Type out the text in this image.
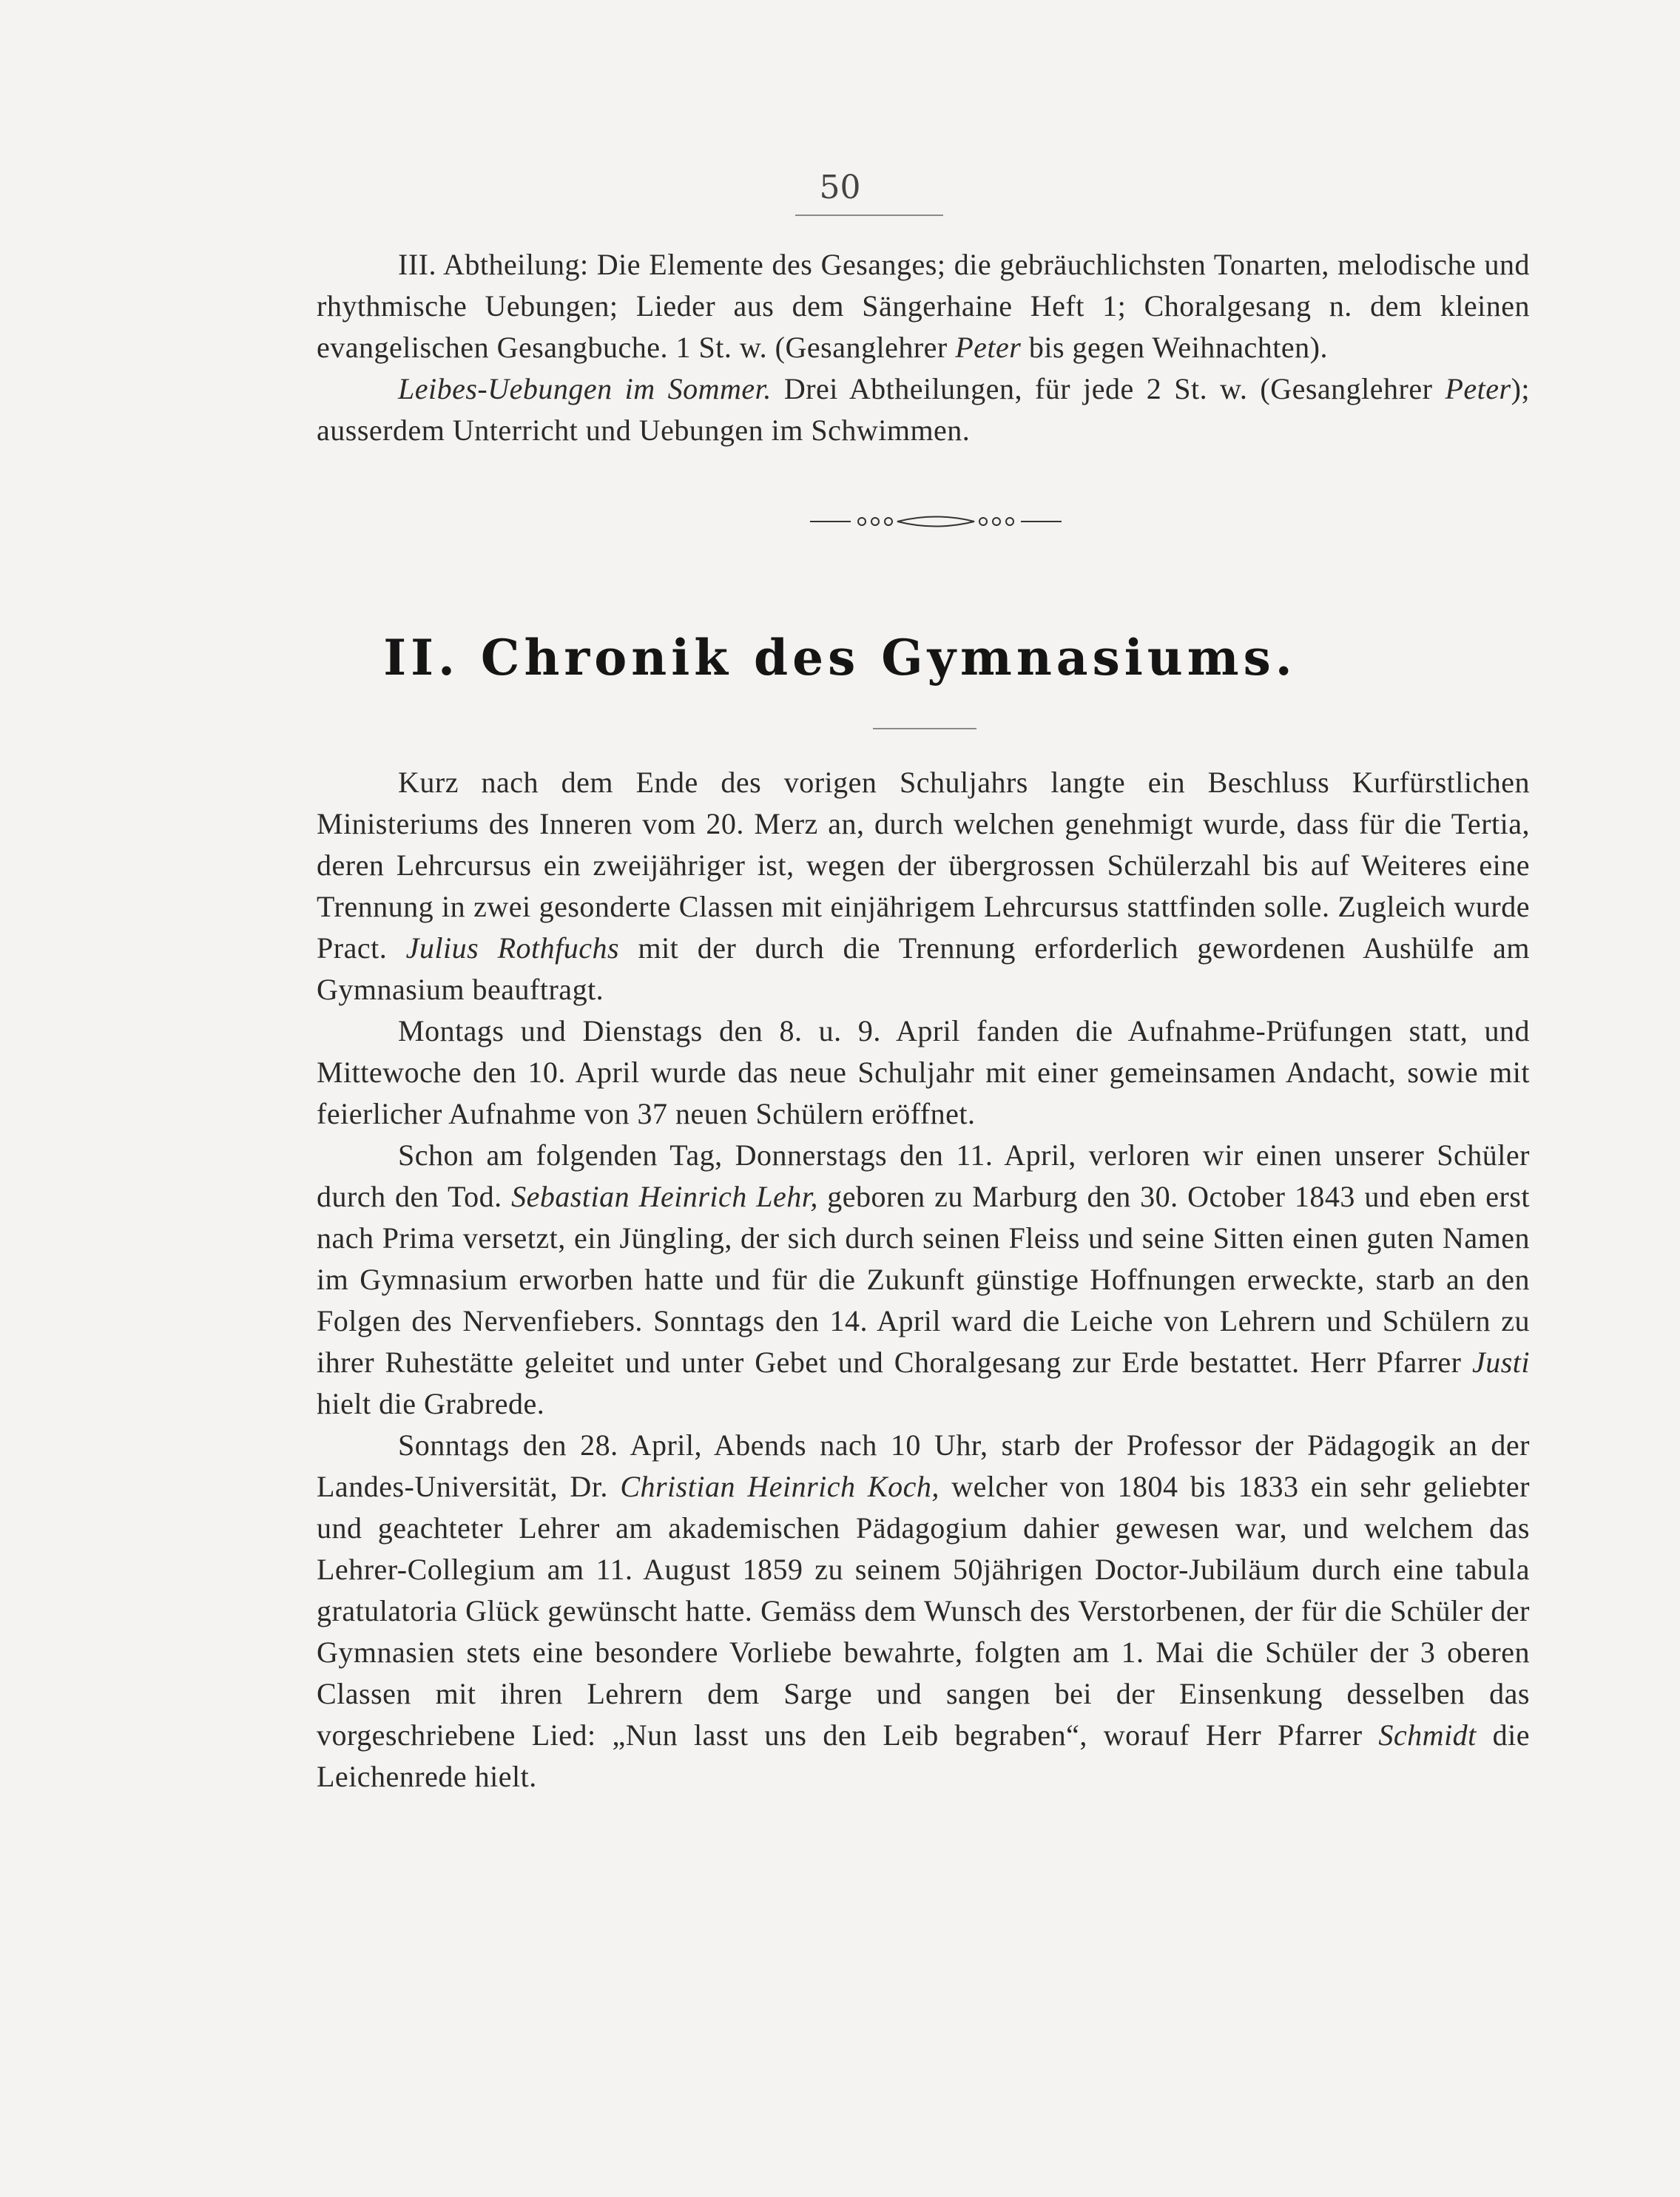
50

III. Abtheilung: Die Elemente des Gesanges; die gebräuchlichsten Tonarten, melodische und rhythmische Uebungen; Lieder aus dem Sängerhaine Heft 1; Choralgesang n. dem kleinen evangelischen Gesangbuche. 1 St. w. (Gesanglehrer Peter bis gegen Weihnachten).

Leibes-Uebungen im Sommer. Drei Abtheilungen, für jede 2 St. w. (Gesanglehrer Peter); ausserdem Unterricht und Uebungen im Schwimmen.

II. Chronik des Gymnasiums.

Kurz nach dem Ende des vorigen Schuljahrs langte ein Beschluss Kurfürstlichen Ministeriums des Inneren vom 20. Merz an, durch welchen genehmigt wurde, dass für die Tertia, deren Lehrcursus ein zweijähriger ist, wegen der übergrossen Schülerzahl bis auf Weiteres eine Trennung in zwei gesonderte Classen mit einjährigem Lehrcursus stattfinden solle. Zugleich wurde Pract. Julius Rothfuchs mit der durch die Trennung erforderlich gewordenen Aushülfe am Gymnasium beauftragt.

Montags und Dienstags den 8. u. 9. April fanden die Aufnahme-Prüfungen statt, und Mittewoche den 10. April wurde das neue Schuljahr mit einer gemeinsamen Andacht, sowie mit feierlicher Aufnahme von 37 neuen Schülern eröffnet.

Schon am folgenden Tag, Donnerstags den 11. April, verloren wir einen unserer Schüler durch den Tod. Sebastian Heinrich Lehr, geboren zu Marburg den 30. October 1843 und eben erst nach Prima versetzt, ein Jüngling, der sich durch seinen Fleiss und seine Sitten einen guten Namen im Gymnasium erworben hatte und für die Zukunft günstige Hoffnungen erweckte, starb an den Folgen des Nervenfiebers. Sonntags den 14. April ward die Leiche von Lehrern und Schülern zu ihrer Ruhestätte geleitet und unter Gebet und Choralgesang zur Erde bestattet. Herr Pfarrer Justi hielt die Grabrede.

Sonntags den 28. April, Abends nach 10 Uhr, starb der Professor der Pädagogik an der Landes-Universität, Dr. Christian Heinrich Koch, welcher von 1804 bis 1833 ein sehr geliebter und geachteter Lehrer am akademischen Pädagogium dahier gewesen war, und welchem das Lehrer-Collegium am 11. August 1859 zu seinem 50jährigen Doctor-Jubiläum durch eine tabula gratulatoria Glück gewünscht hatte. Gemäss dem Wunsch des Verstorbenen, der für die Schüler der Gymnasien stets eine besondere Vorliebe bewahrte, folgten am 1. Mai die Schüler der 3 oberen Classen mit ihren Lehrern dem Sarge und sangen bei der Einsenkung desselben das vorgeschriebene Lied: „Nun lasst uns den Leib begraben“, worauf Herr Pfarrer Schmidt die Leichenrede hielt.
